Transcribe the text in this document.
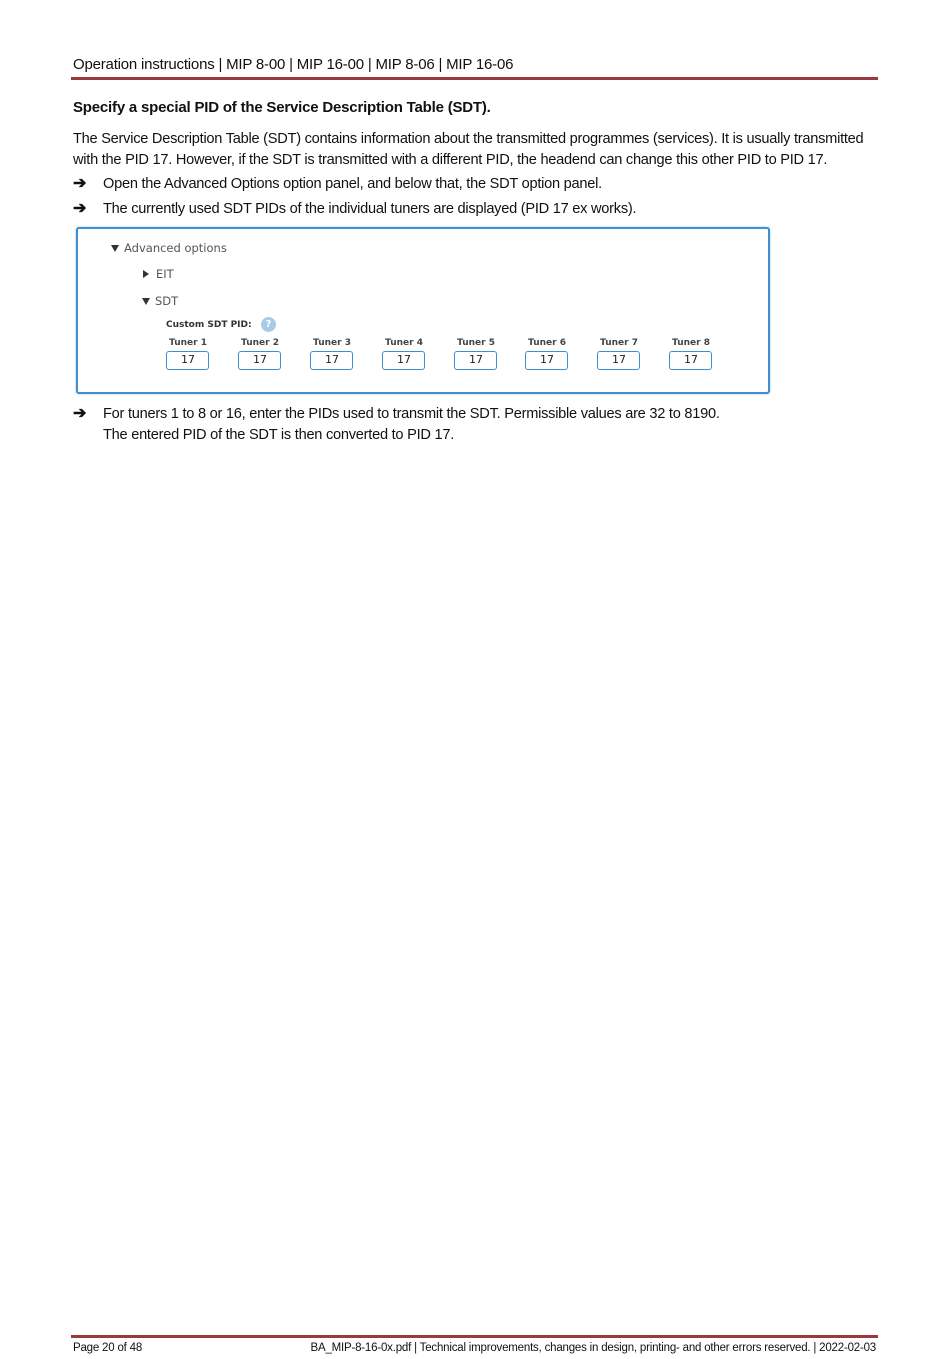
Operation instructions | MIP 8-00 | MIP 16-00 | MIP 8-06 | MIP 16-06
Specify a special PID of the Service Description Table (SDT).
The Service Description Table (SDT) contains information about the transmitted programmes (services). It is usually transmitted with the PID 17. However, if the SDT is transmitted with a different PID, the headend can change this other PID to PID 17.
➔ Open the Advanced Options option panel, and below that, the SDT option panel.
➔ The currently used SDT PIDs of the individual tuners are displayed (PID 17 ex works).
Advanced options
EIT
SDT
Custom SDT PID:	?
Tuner 1
17
Tuner 2
17
Tuner 3
17
Tuner 4
17
Tuner 5
17
Tuner 6
17
Tuner 7
17
Tuner 8
17
➔ For tuners 1 to 8 or 16, enter the PIDs used to transmit the SDT. Permissible values are 32 to 8190.
The entered PID of the SDT is then converted to PID 17.
Page 20 of 48	BA_MIP-8-16-0x.pdf | Technical improvements, changes in design, printing- and other errors reserved. | 2022-02-03
